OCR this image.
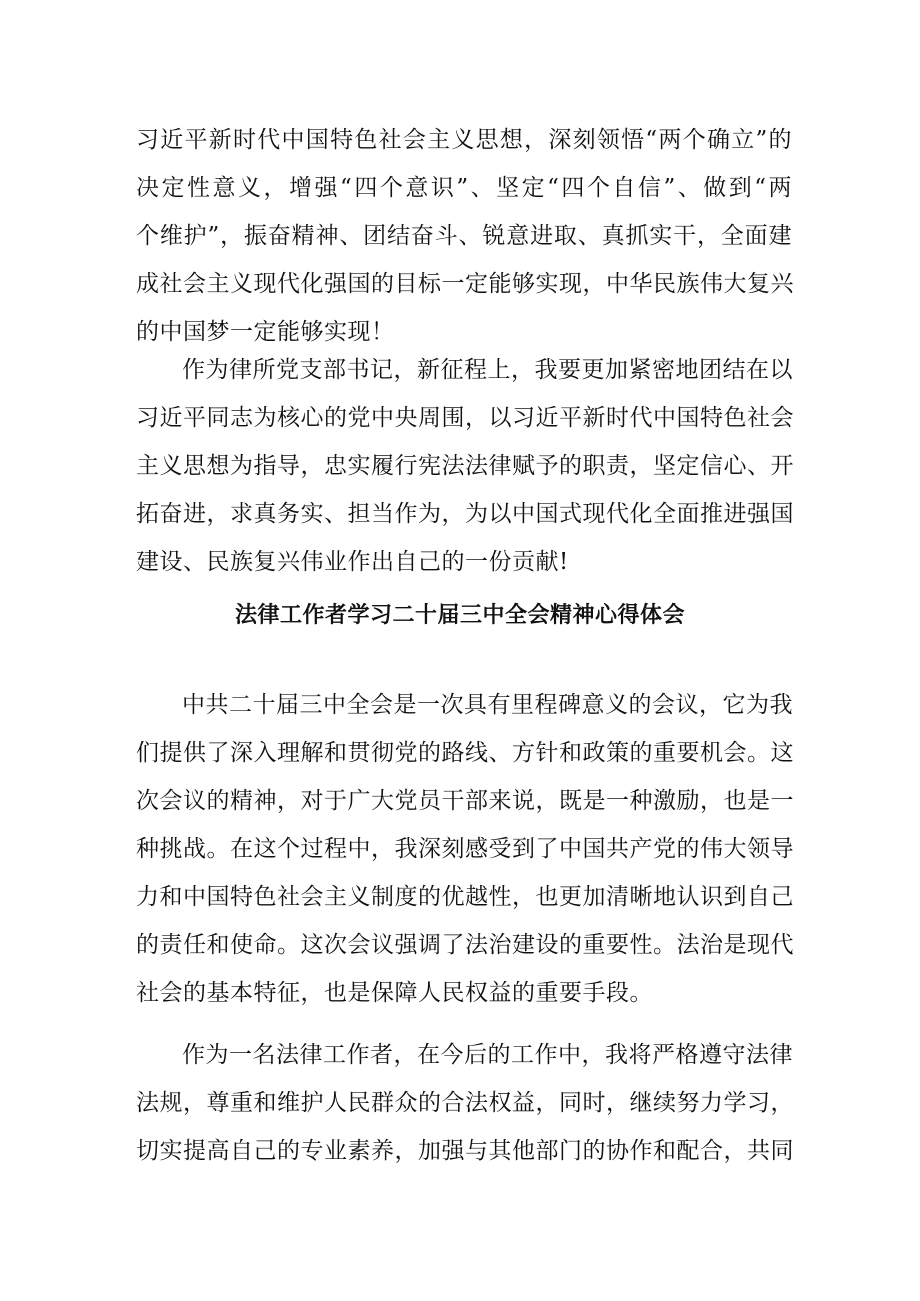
习近平新时代中国特色社会主义思想，深刻领悟“两个确立”的
决定性意义，增强“四个意识”、坚定“四个自信”、做到“两
个维护”，振奋精神、团结奋斗、锐意进取、真抓实干，全面建
成社会主义现代化强国的目标一定能够实现，中华民族伟大复兴
的中国梦一定能够实现！
作为律所党支部书记，新征程上，我要更加紧密地团结在以
习近平同志为核心的党中央周围，以习近平新时代中国特色社会
主义思想为指导，忠实履行宪法法律赋予的职责，坚定信心、开
拓奋进，求真务实、担当作为，为以中国式现代化全面推进强国
建设、民族复兴伟业作出自己的一份贡献!
法律工作者学习二十届三中全会精神心得体会
中共二十届三中全会是一次具有里程碑意义的会议，它为我
们提供了深入理解和贯彻党的路线、方针和政策的重要机会。这
次会议的精神，对于广大党员干部来说，既是一种激励，也是一
种挑战。在这个过程中，我深刻感受到了中国共产党的伟大领导
力和中国特色社会主义制度的优越性，也更加清晰地认识到自己
的责任和使命。这次会议强调了法治建设的重要性。法治是现代
社会的基本特征，也是保障人民权益的重要手段。
作为一名法律工作者，在今后的工作中，我将严格遵守法律
法规，尊重和维护人民群众的合法权益，同时，继续努力学习，
切实提高自己的专业素养，加强与其他部门的协作和配合，共同
